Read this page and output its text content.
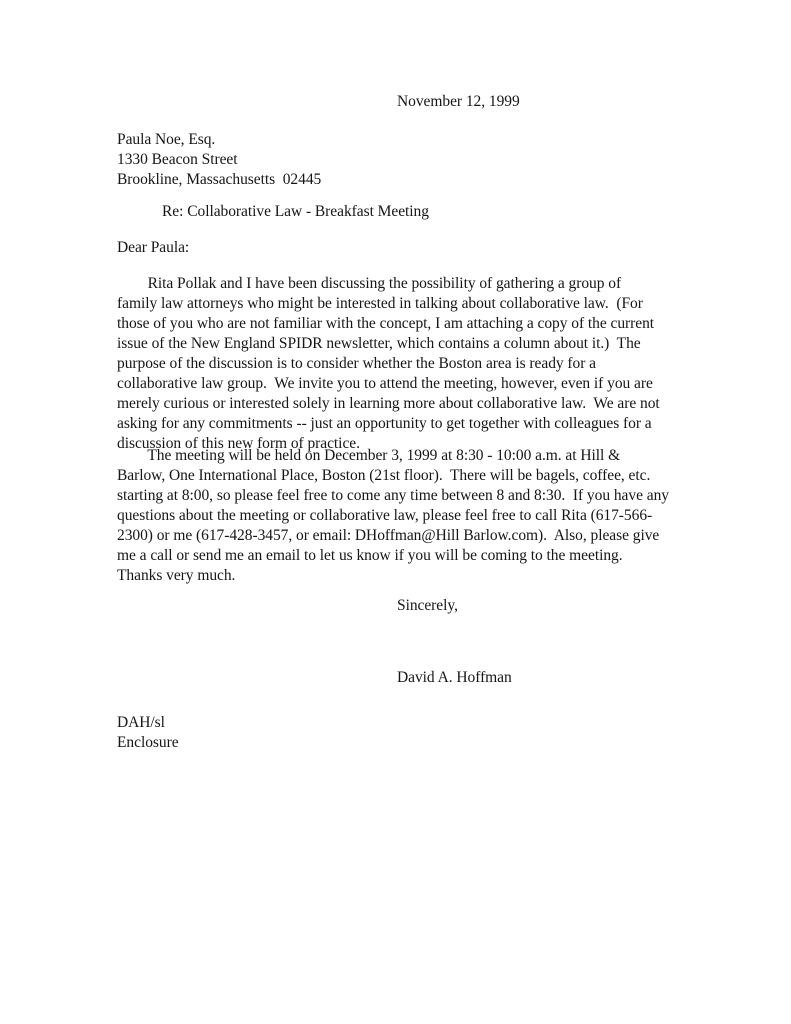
November 12, 1999
Paula Noe, Esq.
1330 Beacon Street
Brookline, Massachusetts  02445
Re: Collaborative Law - Breakfast Meeting
Dear Paula:
Rita Pollak and I have been discussing the possibility of gathering a group of
family law attorneys who might be interested in talking about collaborative law.  (For
those of you who are not familiar with the concept, I am attaching a copy of the current
issue of the New England SPIDR newsletter, which contains a column about it.)  The
purpose of the discussion is to consider whether the Boston area is ready for a
collaborative law group.  We invite you to attend the meeting, however, even if you are
merely curious or interested solely in learning more about collaborative law.  We are not
asking for any commitments -- just an opportunity to get together with colleagues for a
discussion of this new form of practice.
The meeting will be held on December 3, 1999 at 8:30 - 10:00 a.m. at Hill &
Barlow, One International Place, Boston (21st floor).  There will be bagels, coffee, etc.
starting at 8:00, so please feel free to come any time between 8 and 8:30.  If you have any
questions about the meeting or collaborative law, please feel free to call Rita (617-566-
2300) or me (617-428-3457, or email: DHoffman@Hill Barlow.com).  Also, please give
me a call or send me an email to let us know if you will be coming to the meeting.
Thanks very much.
Sincerely,
David A. Hoffman
DAH/sl
Enclosure
